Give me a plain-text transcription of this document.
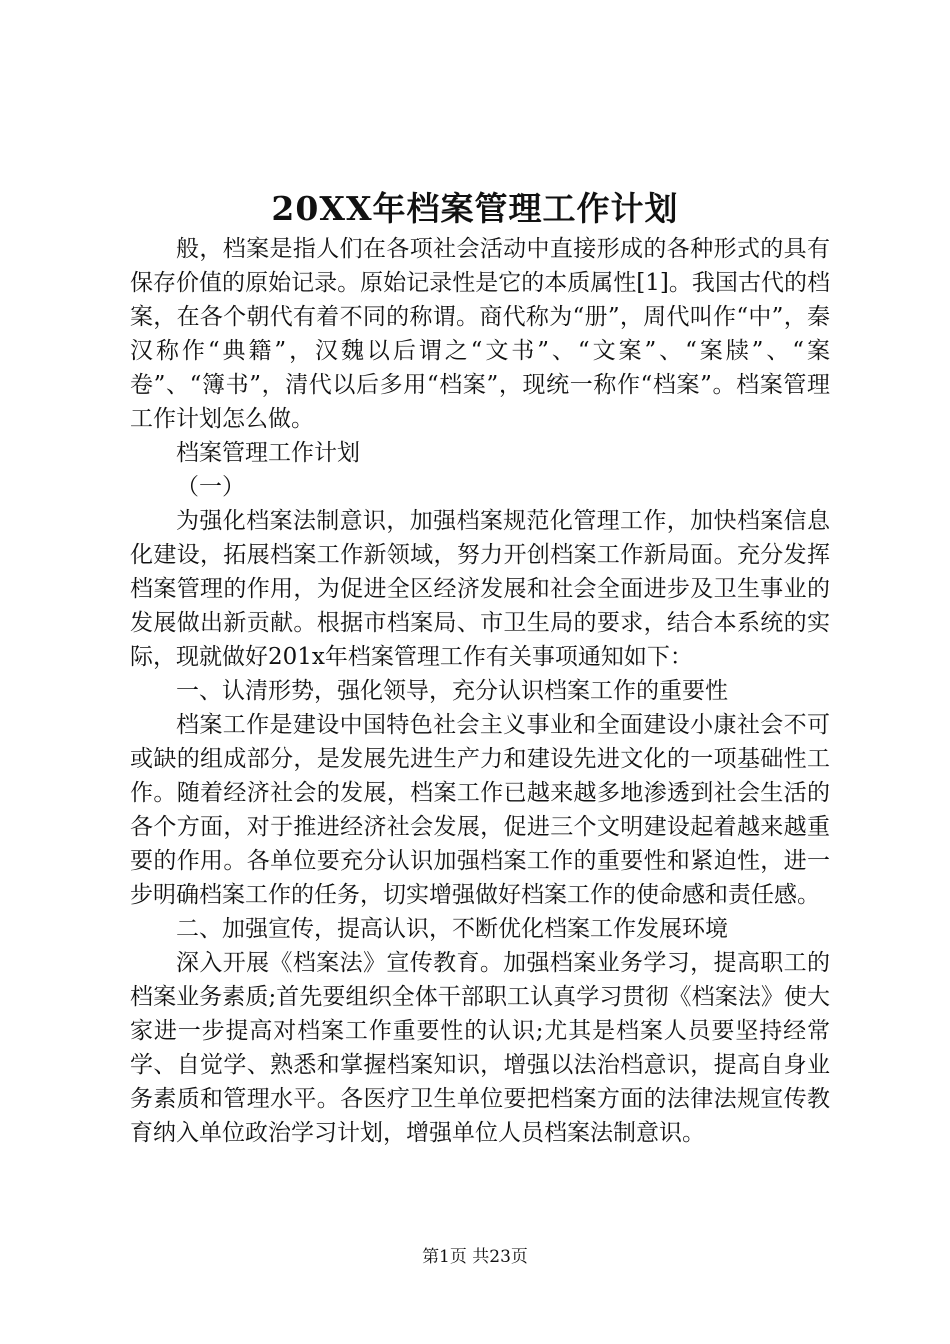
20XX年档案管理工作计划

般，档案是指人们在各项社会活动中直接形成的各种形式的具有保存价值的原始记录。原始记录性是它的本质属性[1]。我国古代的档案，在各个朝代有着不同的称谓。商代称为“册”，周代叫作“中”，秦汉称作“典籍”，汉魏以后谓之“文书”、“文案”、“案牍”、“案卷”、“簿书”，清代以后多用“档案”，现统一称作“档案”。档案管理工作计划怎么做。

档案管理工作计划

（一）

为强化档案法制意识，加强档案规范化管理工作，加快档案信息化建设，拓展档案工作新领域，努力开创档案工作新局面。充分发挥档案管理的作用，为促进全区经济发展和社会全面进步及卫生事业的发展做出新贡献。根据市档案局、市卫生局的要求，结合本系统的实际，现就做好201x年档案管理工作有关事项通知如下：

一、认清形势，强化领导，充分认识档案工作的重要性

档案工作是建设中国特色社会主义事业和全面建设小康社会不可或缺的组成部分，是发展先进生产力和建设先进文化的一项基础性工作。随着经济社会的发展，档案工作已越来越多地渗透到社会生活的各个方面，对于推进经济社会发展，促进三个文明建设起着越来越重要的作用。各单位要充分认识加强档案工作的重要性和紧迫性，进一步明确档案工作的任务，切实增强做好档案工作的使命感和责任感。

二、加强宣传，提高认识，不断优化档案工作发展环境

深入开展《档案法》宣传教育。加强档案业务学习，提高职工的档案业务素质;首先要组织全体干部职工认真学习贯彻《档案法》使大家进一步提高对档案工作重要性的认识;尤其是档案人员要坚持经常学、自觉学、熟悉和掌握档案知识，增强以法治档意识，提高自身业务素质和管理水平。各医疗卫生单位要把档案方面的法律法规宣传教育纳入单位政治学习计划，增强单位人员档案法制意识。

第1页 共23页
